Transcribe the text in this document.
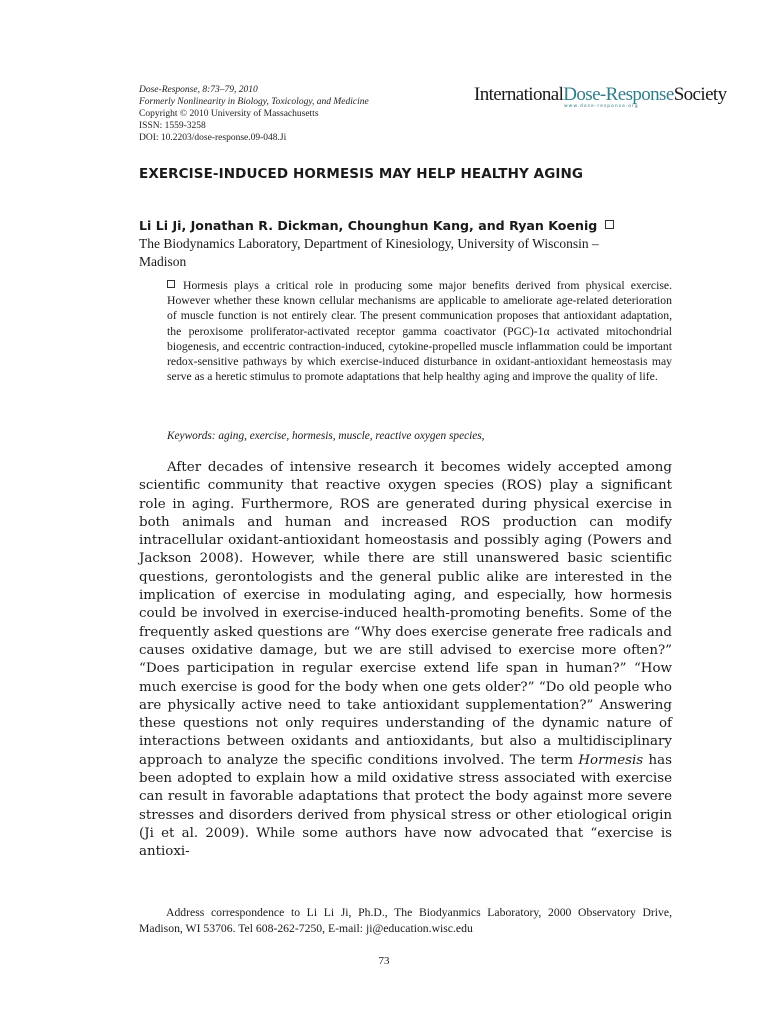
Dose-Response, 8:73–79, 2010
Formerly Nonlinearity in Biology, Toxicology, and Medicine
Copyright © 2010 University of Massachusetts
ISSN: 1559-3258
DOI: 10.2203/dose-response.09-048.Ji
InternationalDose-ResponseSociety
www.dose-response.org
EXERCISE-INDUCED HORMESIS MAY HELP HEALTHY AGING
Li Li Ji, Jonathan R. Dickman, Chounghun Kang, and Ryan KoenigThe Biodynamics Laboratory, Department of Kinesiology, University of Wisconsin – Madison
Hormesis plays a critical role in producing some major benefits derived from physical exercise. However whether these known cellular mechanisms are applicable to ameliorate age-related deterioration of muscle function is not entirely clear. The present communication proposes that antioxidant adaptation, the peroxisome proliferator-activated receptor gamma coactivator (PGC)-1α activated mitochondrial biogenesis, and eccentric contraction-induced, cytokine-propelled muscle inflammation could be important redox-sensitive pathways by which exercise-induced disturbance in oxidant-antioxidant hemeostasis may serve as a heretic stimulus to promote adaptations that help healthy aging and improve the quality of life.
Keywords: aging, exercise, hormesis, muscle, reactive oxygen species,

After decades of intensive research it becomes widely accepted among scientific community that reactive oxygen species (ROS) play a significant role in aging. Furthermore, ROS are generated during physical exercise in both animals and human and increased ROS production can modify intracellular oxidant-antioxidant homeostasis and possibly aging (Powers and Jackson 2008). However, while there are still unanswered basic scientific questions, gerontologists and the general public alike are interested in the implication of exercise in modulating aging, and especially, how hormesis could be involved in exercise-induced health-promoting benefits. Some of the frequently asked questions are “Why does exercise generate free radicals and causes oxidative damage, but we are still advised to exercise more often?” “Does participation in regular exercise extend life span in human?” “How much exercise is good for the body when one gets older?” “Do old people who are physically active need to take antioxidant supplementation?” Answering these questions not only requires understanding of the dynamic nature of interactions between oxidants and antioxidants, but also a multidisciplinary approach to analyze the specific conditions involved. The term Hormesis has been adopted to explain how a mild oxidative stress associated with exercise can result in favorable adaptations that protect the body against more severe stresses and disorders derived from physical stress or other etiological origin (Ji et al. 2009). While some authors have now advocated that “exercise is antioxi-

Address correspondence to Li Li Ji, Ph.D., The Biodyanmics Laboratory, 2000 Observatory Drive, Madison, WI 53706. Tel 608-262-7250, E-mail: ji@education.wisc.edu

73
